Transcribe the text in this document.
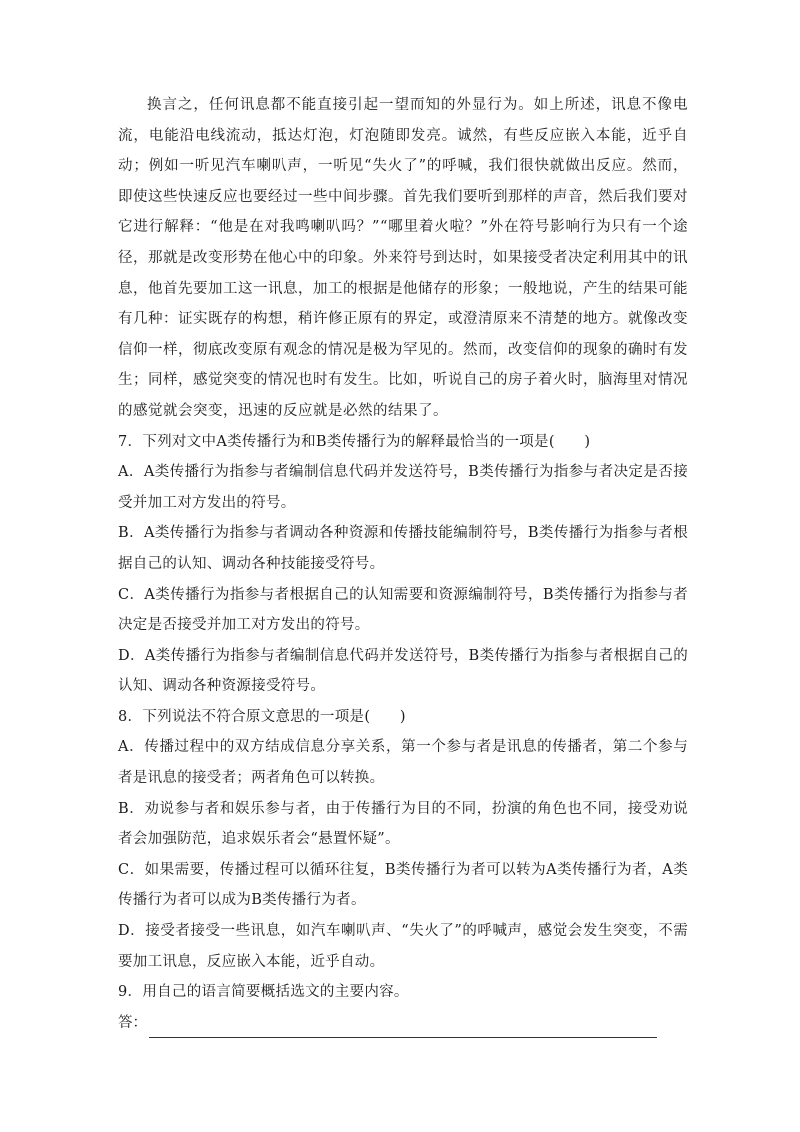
换言之，任何讯息都不能直接引起一望而知的外显行为。如上所述，讯息不像电流，电能沿电线流动，抵达灯泡，灯泡随即发亮。诚然，有些反应嵌入本能，近乎自动；例如一听见汽车喇叭声，一听见“失火了”的呼喊，我们很快就做出反应。然而，即使这些快速反应也要经过一些中间步骤。首先我们要听到那样的声音，然后我们要对它进行解释：“他是在对我鸣喇叭吗？”“哪里着火啦？”外在符号影响行为只有一个途径，那就是改变形势在他心中的印象。外来符号到达时，如果接受者决定利用其中的讯息，他首先要加工这一讯息，加工的根据是他储存的形象；一般地说，产生的结果可能有几种：证实既存的构想，稍许修正原有的界定，或澄清原来不清楚的地方。就像改变信仰一样，彻底改变原有观念的情况是极为罕见的。然而，改变信仰的现象的确时有发生；同样，感觉突变的情况也时有发生。比如，听说自己的房子着火时，脑海里对情况的感觉就会突变，迅速的反应就是必然的结果了。

7．下列对文中A类传播行为和B类传播行为的解释最恰当的一项是(　　)

A．A类传播行为指参与者编制信息代码并发送符号，B类传播行为指参与者决定是否接受并加工对方发出的符号。

B．A类传播行为指参与者调动各种资源和传播技能编制符号，B类传播行为指参与者根据自己的认知、调动各种技能接受符号。

C．A类传播行为指参与者根据自己的认知需要和资源编制符号，B类传播行为指参与者决定是否接受并加工对方发出的符号。

D．A类传播行为指参与者编制信息代码并发送符号，B类传播行为指参与者根据自己的认知、调动各种资源接受符号。

8．下列说法不符合原文意思的一项是(　　)

A．传播过程中的双方结成信息分享关系，第一个参与者是讯息的传播者，第二个参与者是讯息的接受者；两者角色可以转换。

B．劝说参与者和娱乐参与者，由于传播行为目的不同，扮演的角色也不同，接受劝说者会加强防范，追求娱乐者会“悬置怀疑”。

C．如果需要，传播过程可以循环往复，B类传播行为者可以转为A类传播行为者，A类传播行为者可以成为B类传播行为者。

D．接受者接受一些讯息，如汽车喇叭声、“失火了”的呼喊声，感觉会发生突变，不需要加工讯息，反应嵌入本能，近乎自动。

9．用自己的语言简要概括选文的主要内容。

答：
